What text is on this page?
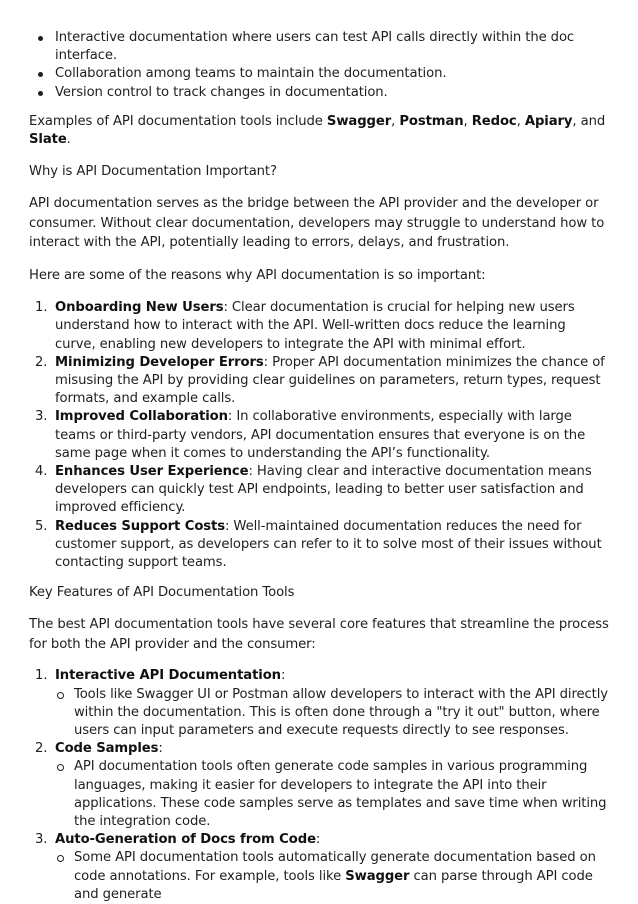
Interactive documentation where users can test API calls directly within the doc interface.
Collaboration among teams to maintain the documentation.
Version control to track changes in documentation.

Examples of API documentation tools include Swagger, Postman, Redoc, Apiary, and Slate.

Why is API Documentation Important?

API documentation serves as the bridge between the API provider and the developer or consumer. Without clear documentation, developers may struggle to understand how to interact with the API, potentially leading to errors, delays, and frustration.

Here are some of the reasons why API documentation is so important:

1. Onboarding New Users: Clear documentation is crucial for helping new users understand how to interact with the API. Well-written docs reduce the learning curve, enabling new developers to integrate the API with minimal effort.
2. Minimizing Developer Errors: Proper API documentation minimizes the chance of misusing the API by providing clear guidelines on parameters, return types, request formats, and example calls.
3. Improved Collaboration: In collaborative environments, especially with large teams or third-party vendors, API documentation ensures that everyone is on the same page when it comes to understanding the API’s functionality.
4. Enhances User Experience: Having clear and interactive documentation means developers can quickly test API endpoints, leading to better user satisfaction and improved efficiency.
5. Reduces Support Costs: Well-maintained documentation reduces the need for customer support, as developers can refer to it to solve most of their issues without contacting support teams.

Key Features of API Documentation Tools

The best API documentation tools have several core features that streamline the process for both the API provider and the consumer:

1. Interactive API Documentation:
Tools like Swagger UI or Postman allow developers to interact with the API directly within the documentation. This is often done through a "try it out" button, where users can input parameters and execute requests directly to see responses.
2. Code Samples:
API documentation tools often generate code samples in various programming languages, making it easier for developers to integrate the API into their applications. These code samples serve as templates and save time when writing the integration code.
3. Auto-Generation of Docs from Code:
Some API documentation tools automatically generate documentation based on code annotations. For example, tools like Swagger can parse through API code and generate
